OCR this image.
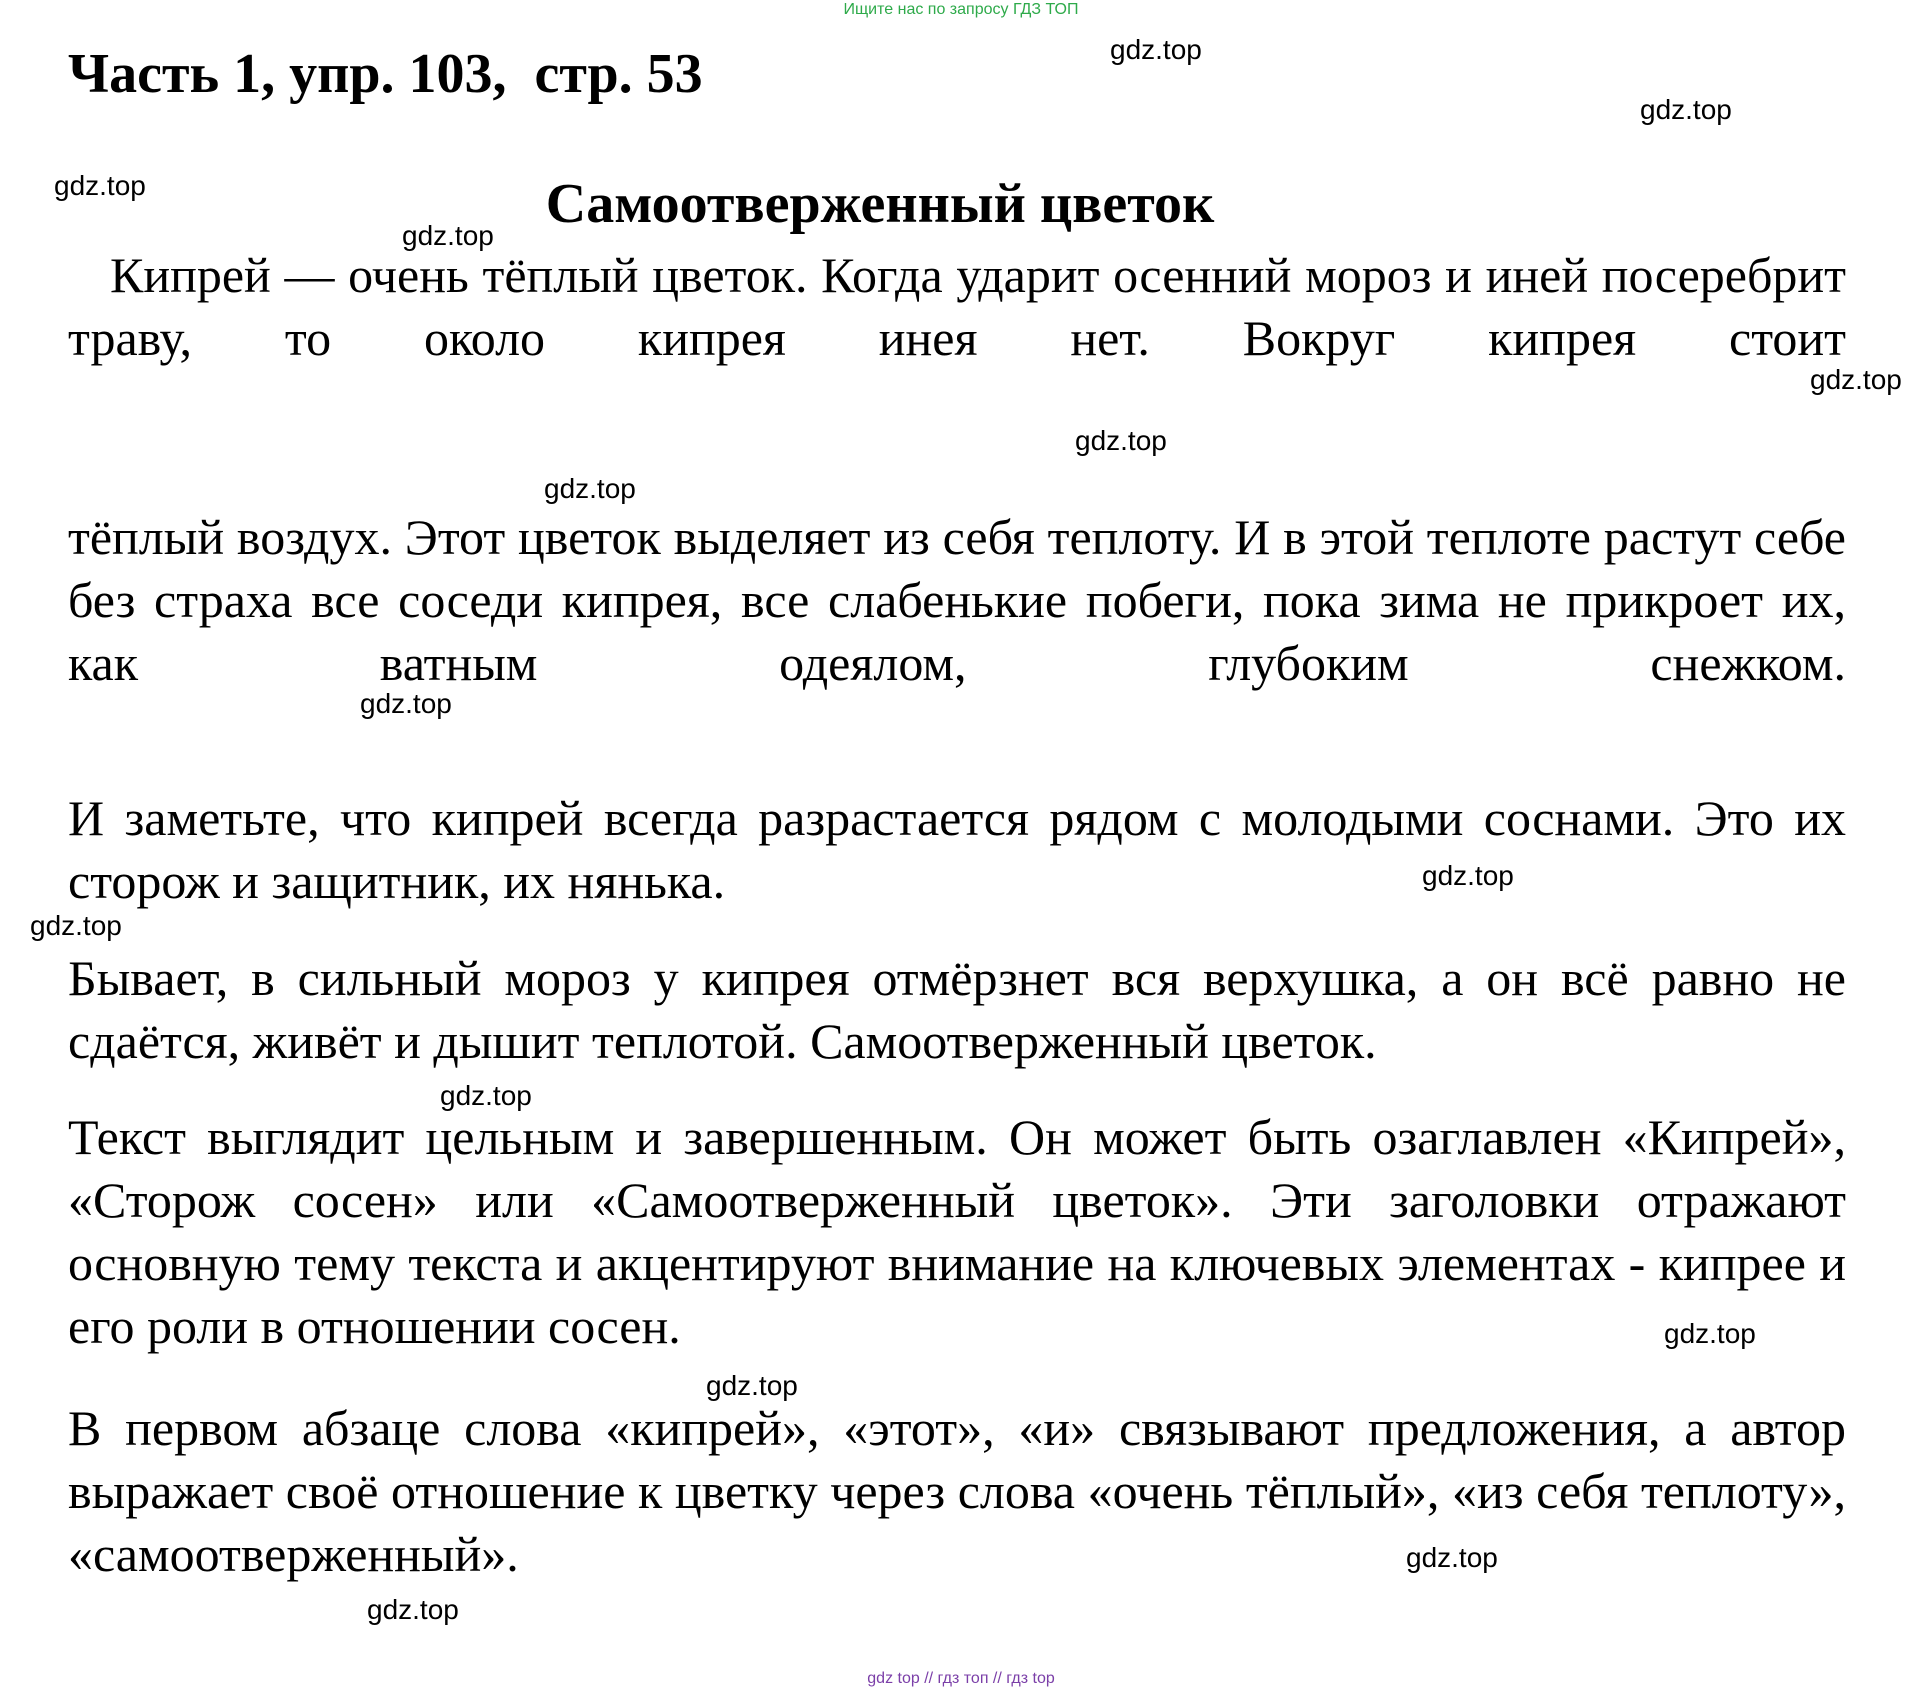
Ищите нас по запросу ГДЗ ТОП
Часть 1, упр. 103,  стр. 53
Самоотверженный цветок
Кипрей — очень тёплый цветок. Когда ударит осенний мороз и иней посеребрит траву, то около кипрея инея нет. Вокруг кипрея стоит
тёплый воздух. Этот цветок выделяет из себя теплоту. И в этой теплоте растут себе без страха все соседи кипрея, все слабенькие побеги, пока зима не прикроет их, как ватным одеялом, глубоким снежком.
И заметьте, что кипрей всегда разрастается рядом с молодыми соснами. Это их сторож и защитник, их нянька.
Бывает, в сильный мороз у кипрея отмёрзнет вся верхушка, а он всё равно не сдаётся, живёт и дышит теплотой. Самоотверженный цветок.
Текст выглядит цельным и завершенным. Он может быть озаглавлен «Кипрей», «Сторож сосен» или «Самоотверженный цветок». Эти заголовки отражают основную тему текста и акцентируют внимание на ключевых элементах - кипрее и его роли в отношении сосен.
В первом абзаце слова «кипрей», «этот», «и» связывают предложения, а автор выражает своё отношение к цветку через слова «очень тёплый», «из себя теплоту», «самоотверженный».
gdz.top
gdz.top
gdz.top
gdz.top
gdz.top
gdz.top
gdz.top
gdz.top
gdz.top
gdz.top
gdz.top
gdz.top
gdz.top
gdz.top
gdz.top
gdz top // гдз топ // гдз top
